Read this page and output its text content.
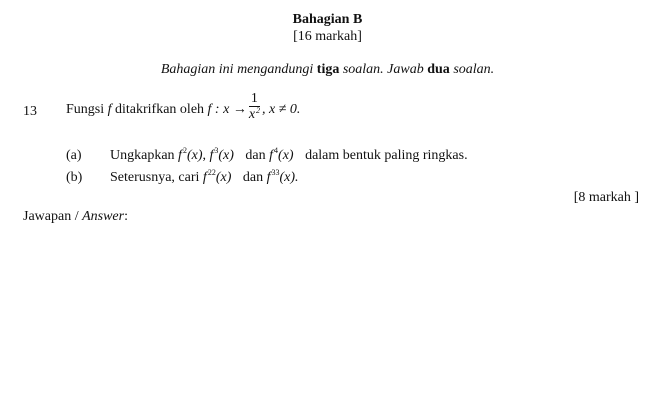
Bahagian B
[16 markah]
Bahagian ini mengandungi tiga soalan. Jawab dua soalan.
13 Fungsi f ditakrifkan oleh f : $x \to \frac{1}{x^2}$ , x ≠ 0.
(a) Ungkapkan $f^2(x)$, $f^3(x)$ dan $f^4(x)$ dalam bentuk paling ringkas.
(b) Seterusnya, cari $f^{22}(x)$ dan $f^{33}(x)$.
[8 markah ]
Jawapan / Answer:
